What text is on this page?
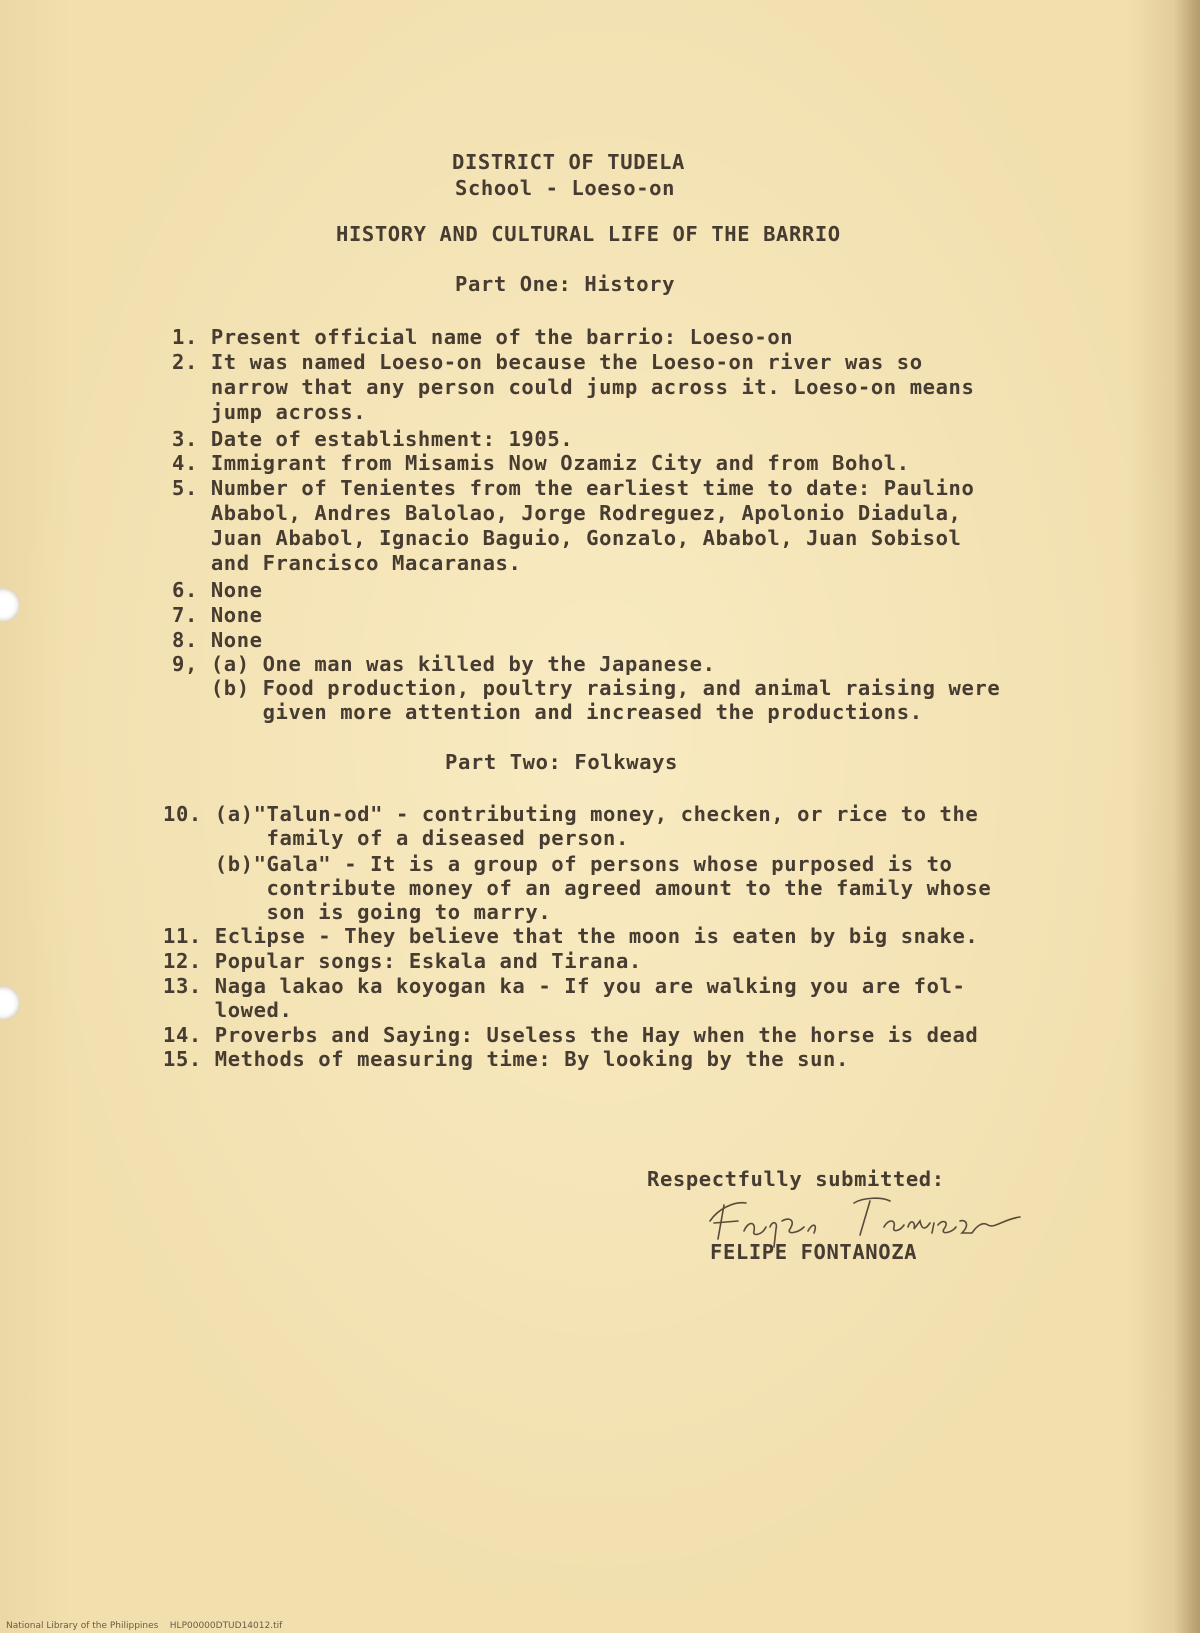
DISTRICT OF TUDELA
School - Loeso-on
HISTORY AND CULTURAL LIFE OF THE BARRIO
Part One: History
1. Present official name of the barrio: Loeso-on
2. It was named Loeso-on because the Loeso-on river was so
narrow that any person could jump across it. Loeso-on means
jump across.
3. Date of establishment: 1905.
4. Immigrant from Misamis Now Ozamiz City and from Bohol.
5. Number of Tenientes from the earliest time to date: Paulino
Ababol, Andres Balolao, Jorge Rodreguez, Apolonio Diadula,
Juan Ababol, Ignacio Baguio, Gonzalo, Ababol, Juan Sobisol
and Francisco Macaranas.
6. None
7. None
8. None
9, (a) One man was killed by the Japanese.
(b) Food production, poultry raising, and animal raising were
given more attention and increased the productions.
Part Two: Folkways
10. (a)"Talun-od" - contributing money, checken, or rice to the
family of a diseased person.
(b)"Gala" - It is a group of persons whose purposed is to
contribute money of an agreed amount to the family whose
son is going to marry.
11. Eclipse - They believe that the moon is eaten by big snake.
12. Popular songs: Eskala and Tirana.
13. Naga lakao ka koyogan ka - If you are walking you are fol-
lowed.
14. Proverbs and Saying: Useless the Hay when the horse is dead
15. Methods of measuring time: By looking by the sun.
Respectfully submitted:
FELIPE FONTANOZA
National Library of the Philippines    HLP00000DTUD14012.tif
